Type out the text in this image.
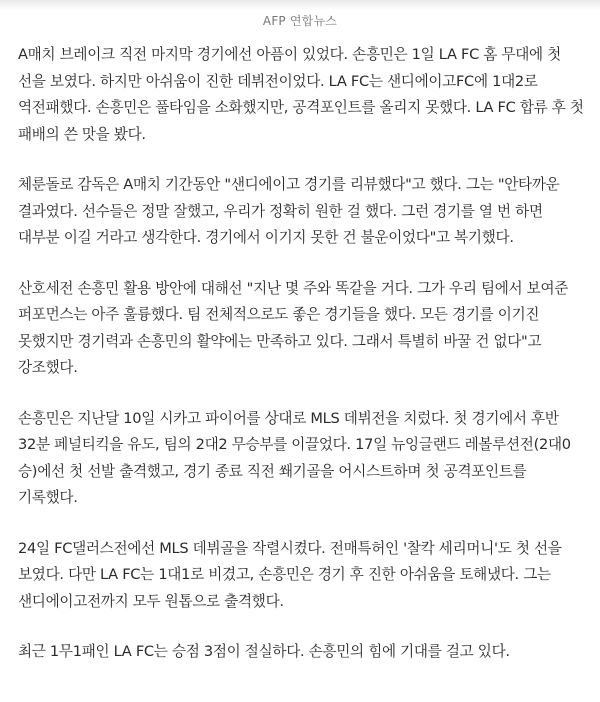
AFP 연합뉴스

A매치 브레이크 직전 마지막 경기에선 아픔이 있었다. 손흥민은 1일 LA FC 홈 무대에 첫 선을 보였다. 하지만 아쉬움이 진한 데뷔전이었다. LA FC는 샌디에이고FC에 1대2로 역전패했다. 손흥민은 풀타임을 소화했지만, 공격포인트를 올리지 못했다. LA FC 합류 후 첫 패배의 쓴 맛을 봤다.

체룬돌로 감독은 A매치 기간동안 "샌디에이고 경기를 리뷰했다"고 했다. 그는 "안타까운 결과였다. 선수들은 정말 잘했고, 우리가 정확히 원한 걸 했다. 그런 경기를 열 번 하면 대부분 이길 거라고 생각한다. 경기에서 이기지 못한 건 불운이었다"고 복기했다.

산호세전 손흥민 활용 방안에 대해선 "지난 몇 주와 똑같을 거다. 그가 우리 팀에서 보여준 퍼포먼스는 아주 훌륭했다. 팀 전체적으로도 좋은 경기들을 했다. 모든 경기를 이기진 못했지만 경기력과 손흥민의 활약에는 만족하고 있다. 그래서 특별히 바꿀 건 없다"고 강조했다.

손흥민은 지난달 10일 시카고 파이어를 상대로 MLS 데뷔전을 치렀다. 첫 경기에서 후반 32분 페널티킥을 유도, 팀의 2대2 무승부를 이끌었다. 17일 뉴잉글랜드 레볼루션전(2대0 승)에선 첫 선발 출격했고, 경기 종료 직전 쐐기골을 어시스트하며 첫 공격포인트를 기록했다.

24일 FC댈러스전에선 MLS 데뷔골을 작렬시켰다. 전매특허인 '찰칵 세리머니'도 첫 선을 보였다. 다만 LA FC는 1대1로 비겼고, 손흥민은 경기 후 진한 아쉬움을 토해냈다. 그는 샌디에이고전까지 모두 원톱으로 출격했다.

최근 1무1패인 LA FC는 승점 3점이 절실하다. 손흥민의 힘에 기대를 걸고 있다.
